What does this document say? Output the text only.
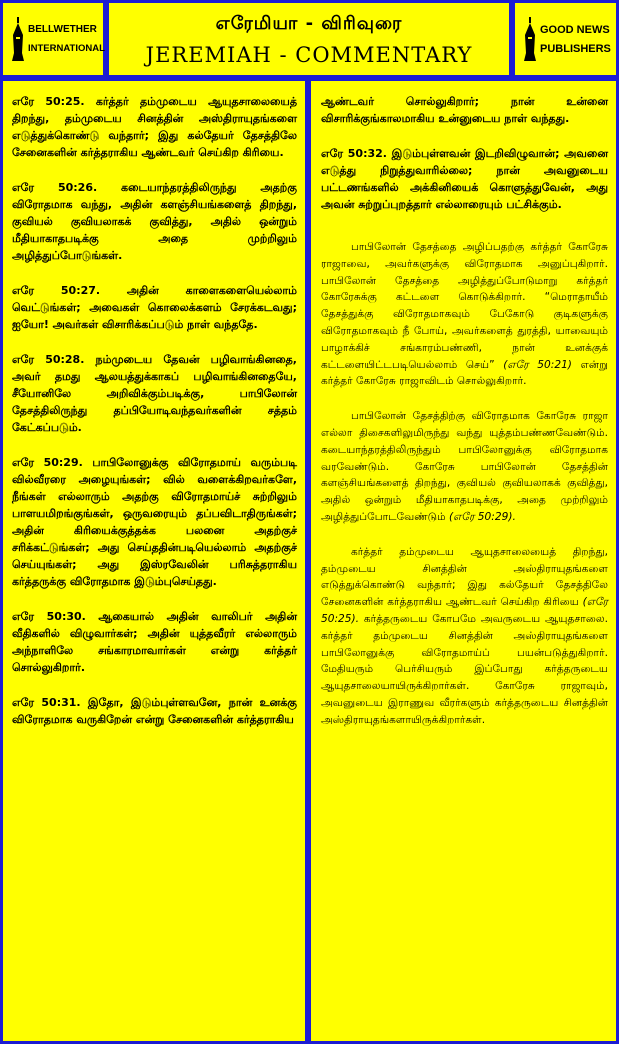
BELLWETHER
INTERNATIONAL
எரேமியா - விரிவுரை
JEREMIAH - COMMENTARY
GOOD NEWS
PUBLISHERS

எரே 50:25. கர்த்தர் தம்முடைய ஆயுதசாலையைத் திறந்து, தம்முடைய சினத்தின் அஸ்திராயுதங்களை எடுத்துக்கொண்டு வந்தார்; இது கல்தேயர் தேசத்திலே சேனைகளின் கர்த்தராகிய ஆண்டவர் செய்கிற கிரியை.

எரே 50:26. கடையாந்தரத்திலிருந்து அதற்கு விரோதமாக வந்து, அதின் களஞ்சியங்களைத் திறந்து, குவியல் குவியலாகக் குவித்து, அதில் ஒன்றும் மீதியாகாதபடிக்கு அதை முற்றிலும் அழித்துப்போடுங்கள்.

எரே 50:27. அதின் காளைகளையெல்லாம் வெட்டுங்கள்; அவைகள் கொலைக்களம் சேரக்கடவது; ஐயோ! அவர்கள் விசாரிக்கப்படும் நாள் வந்ததே.

எரே 50:28. நம்முடைய தேவன் பழிவாங்கினதை, அவர் தமது ஆலயத்துக்காகப் பழிவாங்கினதையே, சீயோனிலே அறிவிக்கும்படிக்கு, பாபிலோன் தேசத்திலிருந்து தப்பியோடிவந்தவர்களின் சத்தம் கேட்கப்படும்.

எரே 50:29. பாபிலோனுக்கு விரோதமாய் வரும்படி வில்வீரரை அழையுங்கள்; வில் வளைக்கிறவர்களே, நீங்கள் எல்லாரும் அதற்கு விரோதமாய்ச் சுற்றிலும் பாளயமிறங்குங்கள், ஒருவரையும் தப்பவிடாதிருங்கள்; அதின் கிரியைக்குத்தக்க பலனை அதற்குச் சரிக்கட்டுங்கள்; அது செய்ததின்படியெல்லாம் அதற்குச் செய்யுங்கள்; அது இஸ்ரவேலின் பரிசுத்தராகிய கர்த்தருக்கு விரோதமாக இடும்புசெய்தது.

எரே 50:30. ஆகையால் அதின் வாலிபர் அதின் வீதிகளில் விழுவார்கள்; அதின் யுத்தவீரர் எல்லாரும் அந்நாளிலே சங்காரமாவார்கள் என்று கர்த்தர் சொல்லுகிறார்.

எரே 50:31. இதோ, இடும்புள்ளவனே, நான் உனக்கு விரோதமாக வருகிறேன் என்று சேனைகளின் கர்த்தராகிய

ஆண்டவர் சொல்லுகிறார்; நான் உன்னை விசாரிக்குங்காலமாகிய உன்னுடைய நாள் வந்தது.

எரே 50:32. இடும்புள்ளவன் இடறிவிழுவான்; அவனை எடுத்து நிறுத்துவாரில்லை; நான் அவனுடைய பட்டணங்களில் அக்கினியைக் கொளுத்துவேன், அது அவன் சுற்றுப்புறத்தார் எல்லாரையும் பட்சிக்கும்.

பாபிலோன் தேசத்தை அழிப்பதற்கு கர்த்தர் கோரேசு ராஜாவை, அவர்களுக்கு விரோதமாக அனுப்புகிறார். பாபிலோன் தேசத்தை அழித்துப்போடுமாறு கர்த்தர் கோரேசுக்கு கட்டளை கொடுக்கிறார். “மெராதாயீம் தேசத்துக்கு விரோதமாகவும் பேகோடு குடிகளுக்கு விரோதமாகவும் நீ போய், அவர்களைத் துரத்தி, யாவையும் பாழாக்கிச் சங்காரம்பண்ணி, நான் உனக்குக் கட்டளையிட்டபடியெல்லாம் செய்” (எரே 50:21) என்று கர்த்தர் கோரேசு ராஜாவிடம் சொல்லுகிறார்.

பாபிலோன் தேசத்திற்கு விரோதமாக கோரேசு ராஜா எல்லா திசைகளிலுமிருந்து வந்து யுத்தம்பண்ணவேண்டும். கடையாந்தரத்திலிருந்தும் பாபிலோனுக்கு விரோதமாக வரவேண்டும். கோரேசு பாபிலோன் தேசத்தின் களஞ்சியங்களைத் திறந்து, குவியல் குவியலாகக் குவித்து, அதில் ஒன்றும் மீதியாகாதபடிக்கு, அதை முற்றிலும் அழித்துப்போடவேண்டும் (எரே 50:29).

கர்த்தர் தம்முடைய ஆயுதசாலையைத் திறந்து, தம்முடைய சினத்தின் அஸ்திராயுதங்களை எடுத்துக்கொண்டு வந்தார்; இது கல்தேயர் தேசத்திலே சேனைகளின் கர்த்தராகிய ஆண்டவர் செய்கிற கிரியை (எரே 50:25). கர்த்தருடைய கோபமே அவருடைய ஆயுதசாலை. கர்த்தர் தம்முடைய சினத்தின் அஸ்திராயுதங்களை பாபிலோனுக்கு விரோதமாய்ப் பயன்படுத்துகிறார். மேதியரும் பெர்சியரும் இப்போது கர்த்தருடைய ஆயுதசாலையாயிருக்கிறார்கள். கோரேசு ராஜாவும், அவனுடைய இராணுவ வீரர்களும் கர்த்தருடைய சினத்தின் அஸ்திராயுதங்களாயிருக்கிறார்கள்.
